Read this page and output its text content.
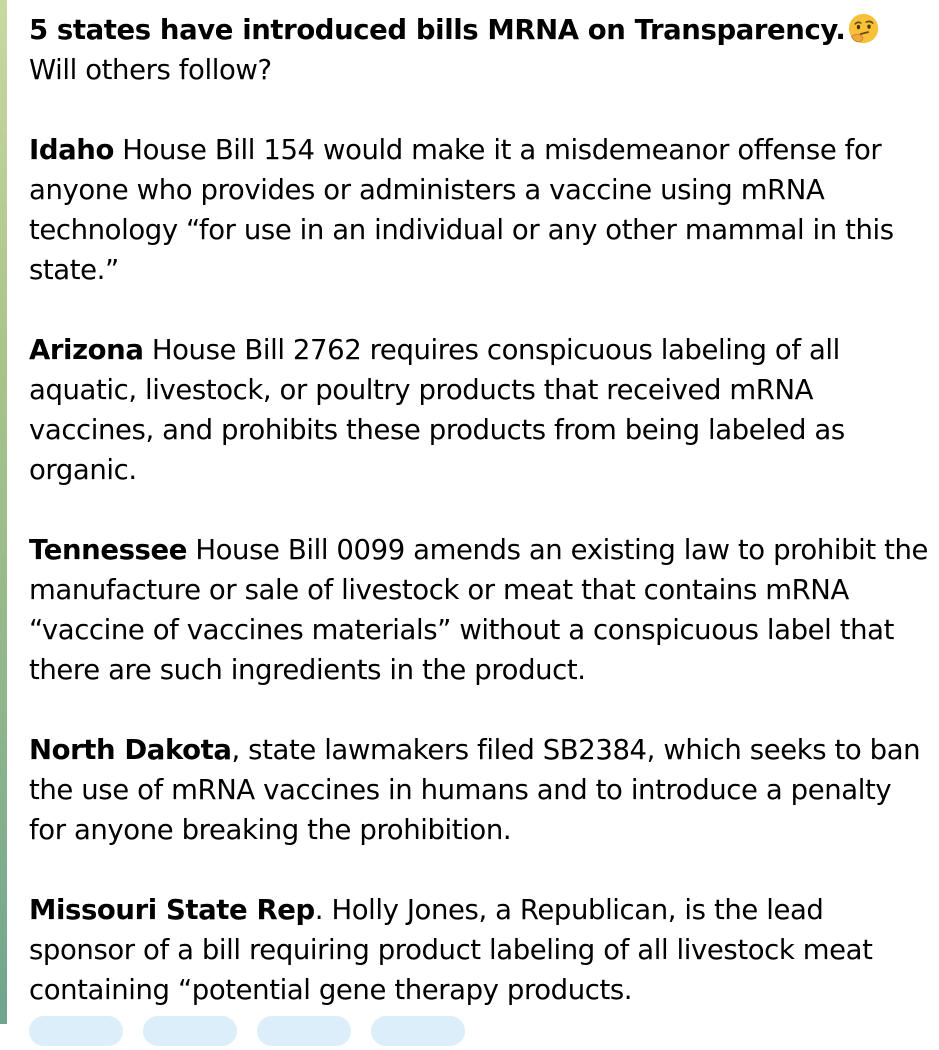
5 states have introduced bills MRNA on Transparency.Will others follow?

Idaho House Bill 154 would make it a misdemeanor offense for anyone who provides or administers a vaccine using mRNA technology “for use in an individual or any other mammal in this state.”

Arizona House Bill 2762 requires conspicuous labeling of all aquatic, livestock, or poultry products that received mRNA vaccines, and prohibits these products from being labeled as organic.

Tennessee House Bill 0099 amends an existing law to prohibit the manufacture or sale of livestock or meat that contains mRNA “vaccine of vaccines materials” without a conspicuous label that there are such ingredients in the product.

North Dakota, state lawmakers filed SB2384, which seeks to ban the use of mRNA vaccines in humans and to introduce a penalty for anyone breaking the prohibition.

Missouri State Rep. Holly Jones, a Republican, is the lead sponsor of a bill requiring product labeling of all livestock meat containing “potential gene therapy products.
